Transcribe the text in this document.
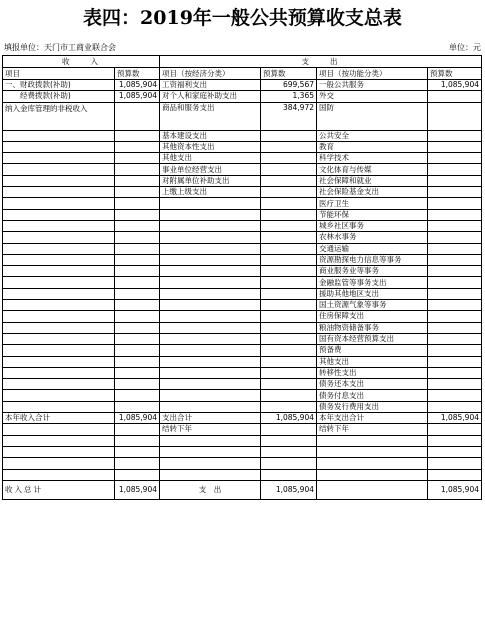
表四：2019年一般公共预算收支总表
填报单位：天门市工商业联合会	单位：元
收　　入		支　　出			
项目	预算数	项目（按经济分类）	预算数	项目（按功能分类）	预算数
一、财政拨款(补助)	1,085,904	工资福利支出	699,567	一般公共服务	1,085,904
　　经费拨款(补助)	1,085,904	对个人和家庭补助支出	1,365	外交	
纳入金库管理的非税收入		商品和服务支出	384,972	国防	
		基本建设支出		公共安全	
		其他资本性支出		教育	
		其他支出		科学技术	
		事业单位经营支出		文化体育与传媒	
		对附属单位补助支出		社会保障和就业	
		上缴上级支出		社会保险基金支出	
				医疗卫生	
				节能环保	
				城乡社区事务	
				农林水事务	
				交通运输	
				资源勘探电力信息等事务	
				商业服务业等事务	
				金融监管等事务支出	
				援助其他地区支出	
				国土资源气象等事务	
				住房保障支出	
				粮油物资储备事务	
				国有资本经营预算支出	
				预备费	
				其他支出	
				转移性支出	
				债务还本支出	
				债务付息支出	
				债务发行费用支出	
本年收入合计	1,085,904	支出合计	1,085,904	本年支出合计	1,085,904
		结转下年		结转下年	

收入总计	1,085,904	支　出	1,085,904		1,085,904
